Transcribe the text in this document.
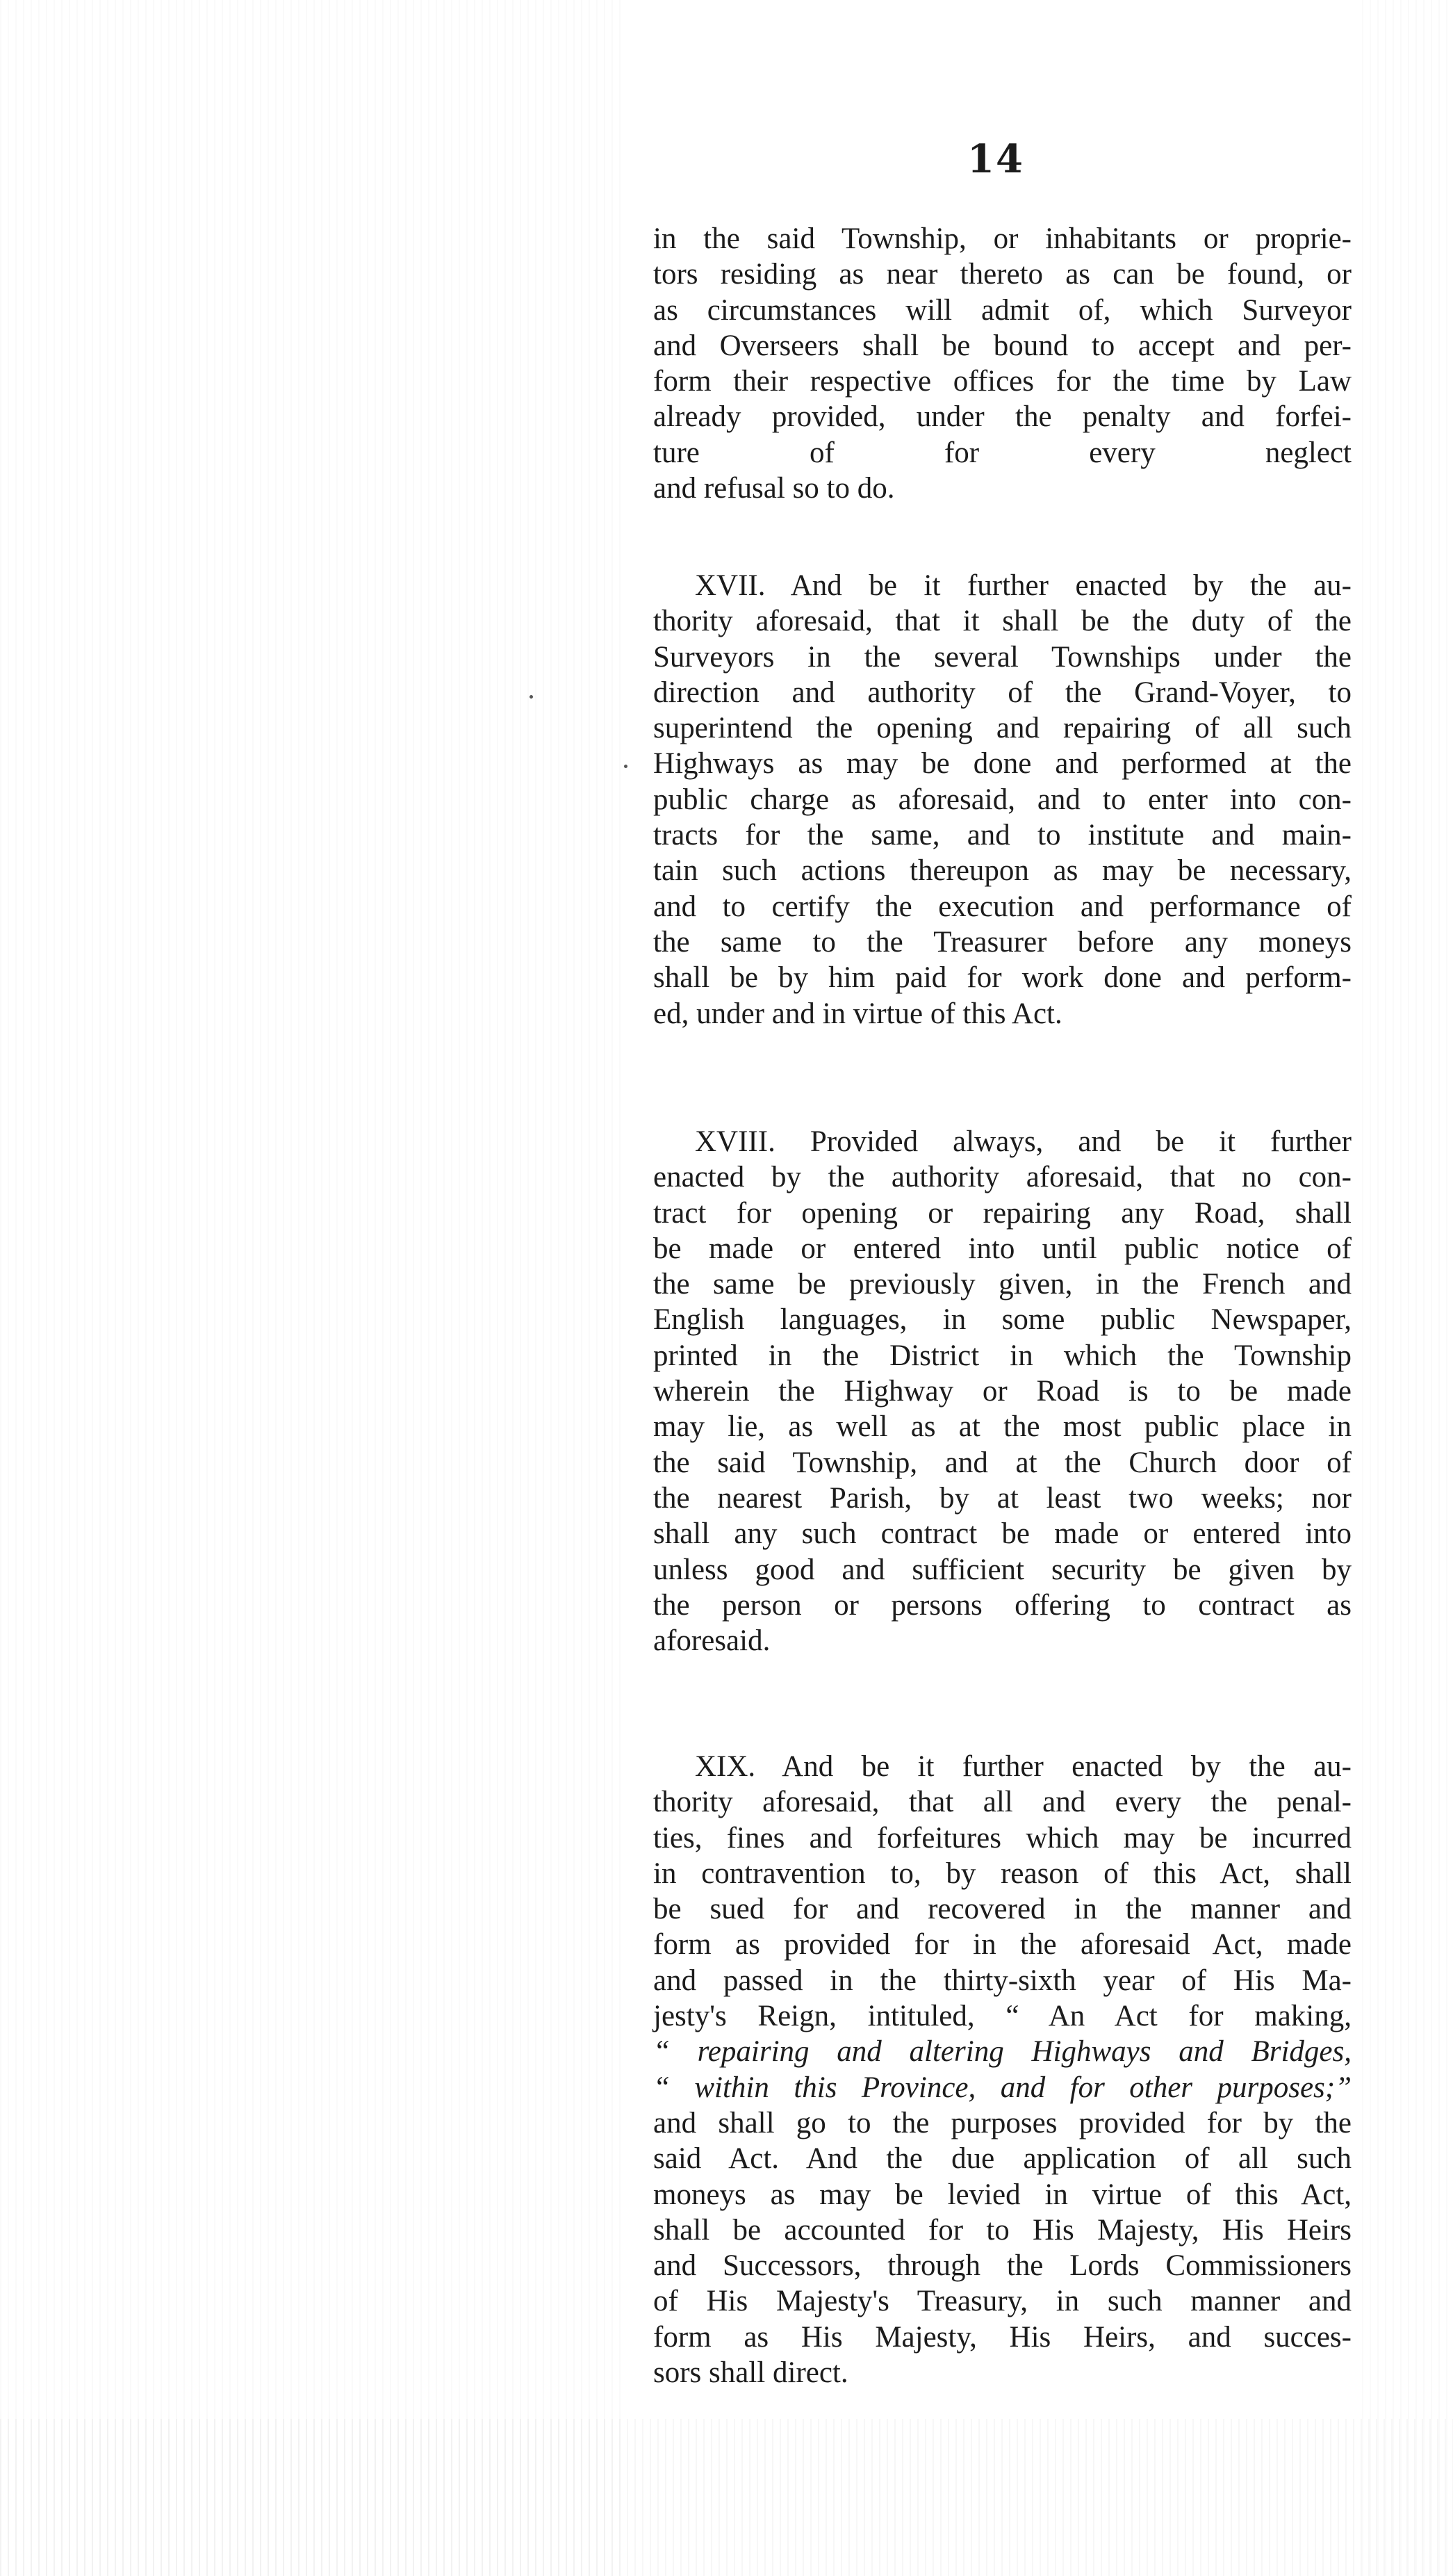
14
in the said Township, or inhabitants or proprie-
tors residing as near thereto as can be found, or
as circumstances will admit of, which Surveyor
and Overseers shall be bound to accept and per-
form their respective offices for the time by Law
already provided, under the penalty and forfei-
ture of for every neglect
and refusal so to do.
XVII. And be it further enacted by the au-
thority aforesaid, that it shall be the duty of the
Surveyors in the several Townships under the
direction and authority of the Grand-Voyer, to
superintend the opening and repairing of all such
Highways as may be done and performed at the
public charge as aforesaid, and to enter into con-
tracts for the same, and to institute and main-
tain such actions thereupon as may be necessary,
and to certify the execution and performance of
the same to the Treasurer before any moneys
shall be by him paid for work done and perform-
ed, under and in virtue of this Act.
XVIII. Provided always, and be it further
enacted by the authority aforesaid, that no con-
tract for opening or repairing any Road, shall
be made or entered into until public notice of
the same be previously given, in the French and
English languages, in some public Newspaper,
printed in the District in which the Township
wherein the Highway or Road is to be made
may lie, as well as at the most public place in
the said Township, and at the Church door of
the nearest Parish, by at least two weeks; nor
shall any such contract be made or entered into
unless good and sufficient security be given by
the person or persons offering to contract as
aforesaid.
XIX. And be it further enacted by the au-
thority aforesaid, that all and every the penal-
ties, fines and forfeitures which may be incurred
in contravention to, by reason of this Act, shall
be sued for and recovered in the manner and
form as provided for in the aforesaid Act, made
and passed in the thirty-sixth year of His Ma-
jesty's Reign, intituled, “ An Act for making,
“ repairing and altering Highways and Bridges,
“ within this Province, and for other purposes;”
and shall go to the purposes provided for by the
said Act. And the due application of all such
moneys as may be levied in virtue of this Act,
shall be accounted for to His Majesty, His Heirs
and Successors, through the Lords Commissioners
of His Majesty's Treasury, in such manner and
form as His Majesty, His Heirs, and succes-
sors shall direct.
